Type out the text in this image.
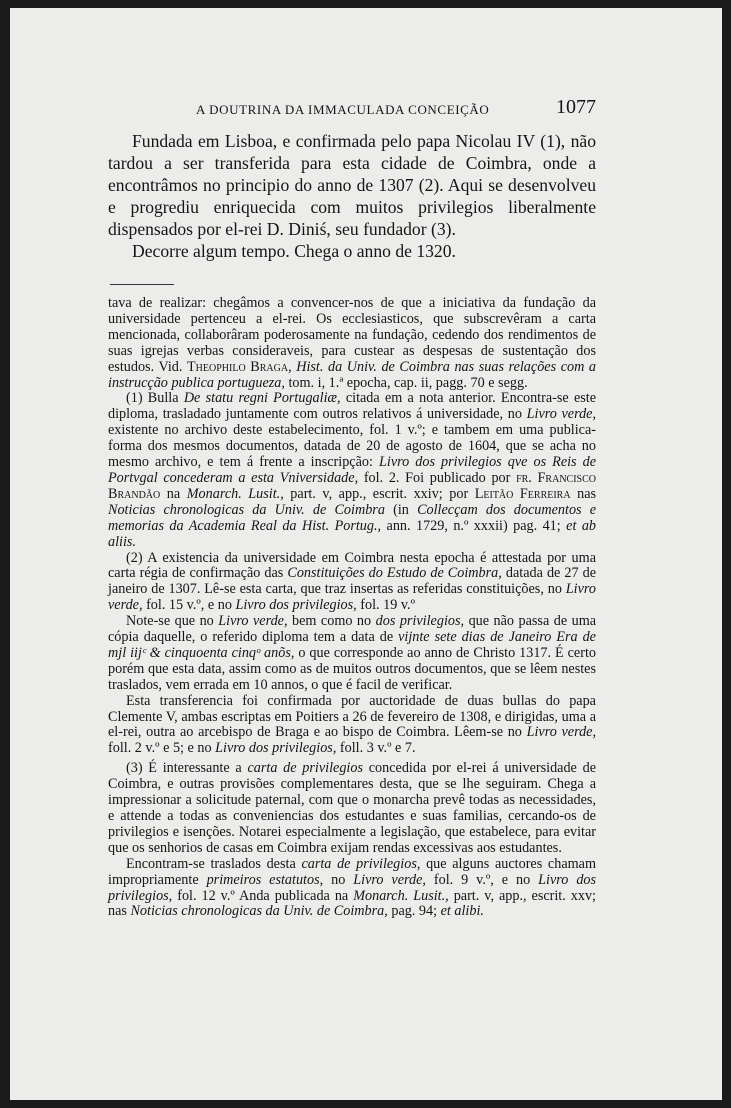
A DOUTRINA DA IMMACULADA CONCEIÇÃO	1077

Fundada em Lisboa, e confirmada pelo papa Nicolau IV (1), não tardou a ser transferida para esta cidade de Coimbra, onde a encontrâmos no principio do anno de 1307 (2). Aqui se desenvolveu e progrediu enriquecida com muitos privilegios liberalmente dispensados por el-rei D. Diniś, seu fundador (3).

Decorre algum tempo. Chega o anno de 1320.

tava de realizar: chegâmos a convencer-nos de que a iniciativa da fundação da universidade pertenceu a el-rei. Os ecclesiasticos, que subscrevêram a carta mencionada, collaborâram poderosamente na fundação, cedendo dos rendimentos de suas igrejas verbas consideraveis, para custear as despesas de sustentação dos estudos. Vid. Theophilo Braga, Hist. da Univ. de Coimbra nas suas relações com a instrucção publica portugueza, tom. i, 1.ª epocha, cap. ii, pagg. 70 e segg.

(1) Bulla De statu regni Portugaliæ, citada em a nota anterior. Encontra-se este diploma, trasladado juntamente com outros relativos á universidade, no Livro verde, existente no archivo deste estabelecimento, fol. 1 v.º; e tambem em uma publica-forma dos mesmos documentos, datada de 20 de agosto de 1604, que se acha no mesmo archivo, e tem á frente a inscripção: Livro dos privilegios qve os Reis de Portvgal concederam a esta Vniversidade, fol. 2. Foi publicado por fr. Francisco Brandão na Monarch. Lusit., part. v, app., escrit. xxiv; por Leitão Ferreira nas Noticias chronologicas da Univ. de Coimbra (in Collecçam dos documentos e memorias da Academia Real da Hist. Portug., ann. 1729, n.º xxxii) pag. 41; et ab aliis.

(2) A existencia da universidade em Coimbra nesta epocha é attestada por uma carta régia de confirmação das Constituições do Estudo de Coimbra, datada de 27 de janeiro de 1307. Lê-se esta carta, que traz insertas as referidas constituições, no Livro verde, fol. 15 v.º, e no Livro dos privilegios, fol. 19 v.º

Note-se que no Livro verde, bem como no dos privilegios, que não passa de uma cópia daquelle, o referido diploma tem a data de vijnte sete dias de Janeiro Era de mjl iijᶜ & cinquoenta cinqᵒ anõs, o que corresponde ao anno de Christo 1317. É certo porém que esta data, assim como as de muitos outros documentos, que se lêem nestes traslados, vem errada em 10 annos, o que é facil de verificar.

Esta transferencia foi confirmada por auctoridade de duas bullas do papa Clemente V, ambas escriptas em Poitiers a 26 de fevereiro de 1308, e dirigidas, uma a el-rei, outra ao arcebispo de Braga e ao bispo de Coimbra. Lêem-se no Livro verde, foll. 2 v.º e 5; e no Livro dos privilegios, foll. 3 v.º e 7.

(3) É interessante a carta de privilegios concedida por el-rei á universidade de Coimbra, e outras provisões complementares desta, que se lhe seguiram. Chega a impressionar a solicitude paternal, com que o monarcha prevê todas as necessidades, e attende a todas as conveniencias dos estudantes e suas familias, cercando-os de privilegios e isenções. Notarei especialmente a legislação, que estabelece, para evitar que os senhorios de casas em Coimbra exijam rendas excessivas aos estudantes.

Encontram-se traslados desta carta de privilegios, que alguns auctores chamam impropriamente primeiros estatutos, no Livro verde, fol. 9 v.º, e no Livro dos privilegios, fol. 12 v.º Anda publicada na Monarch. Lusit., part. v, app., escrit. xxv; nas Noticias chronologicas da Univ. de Coimbra, pag. 94; et alibi.
